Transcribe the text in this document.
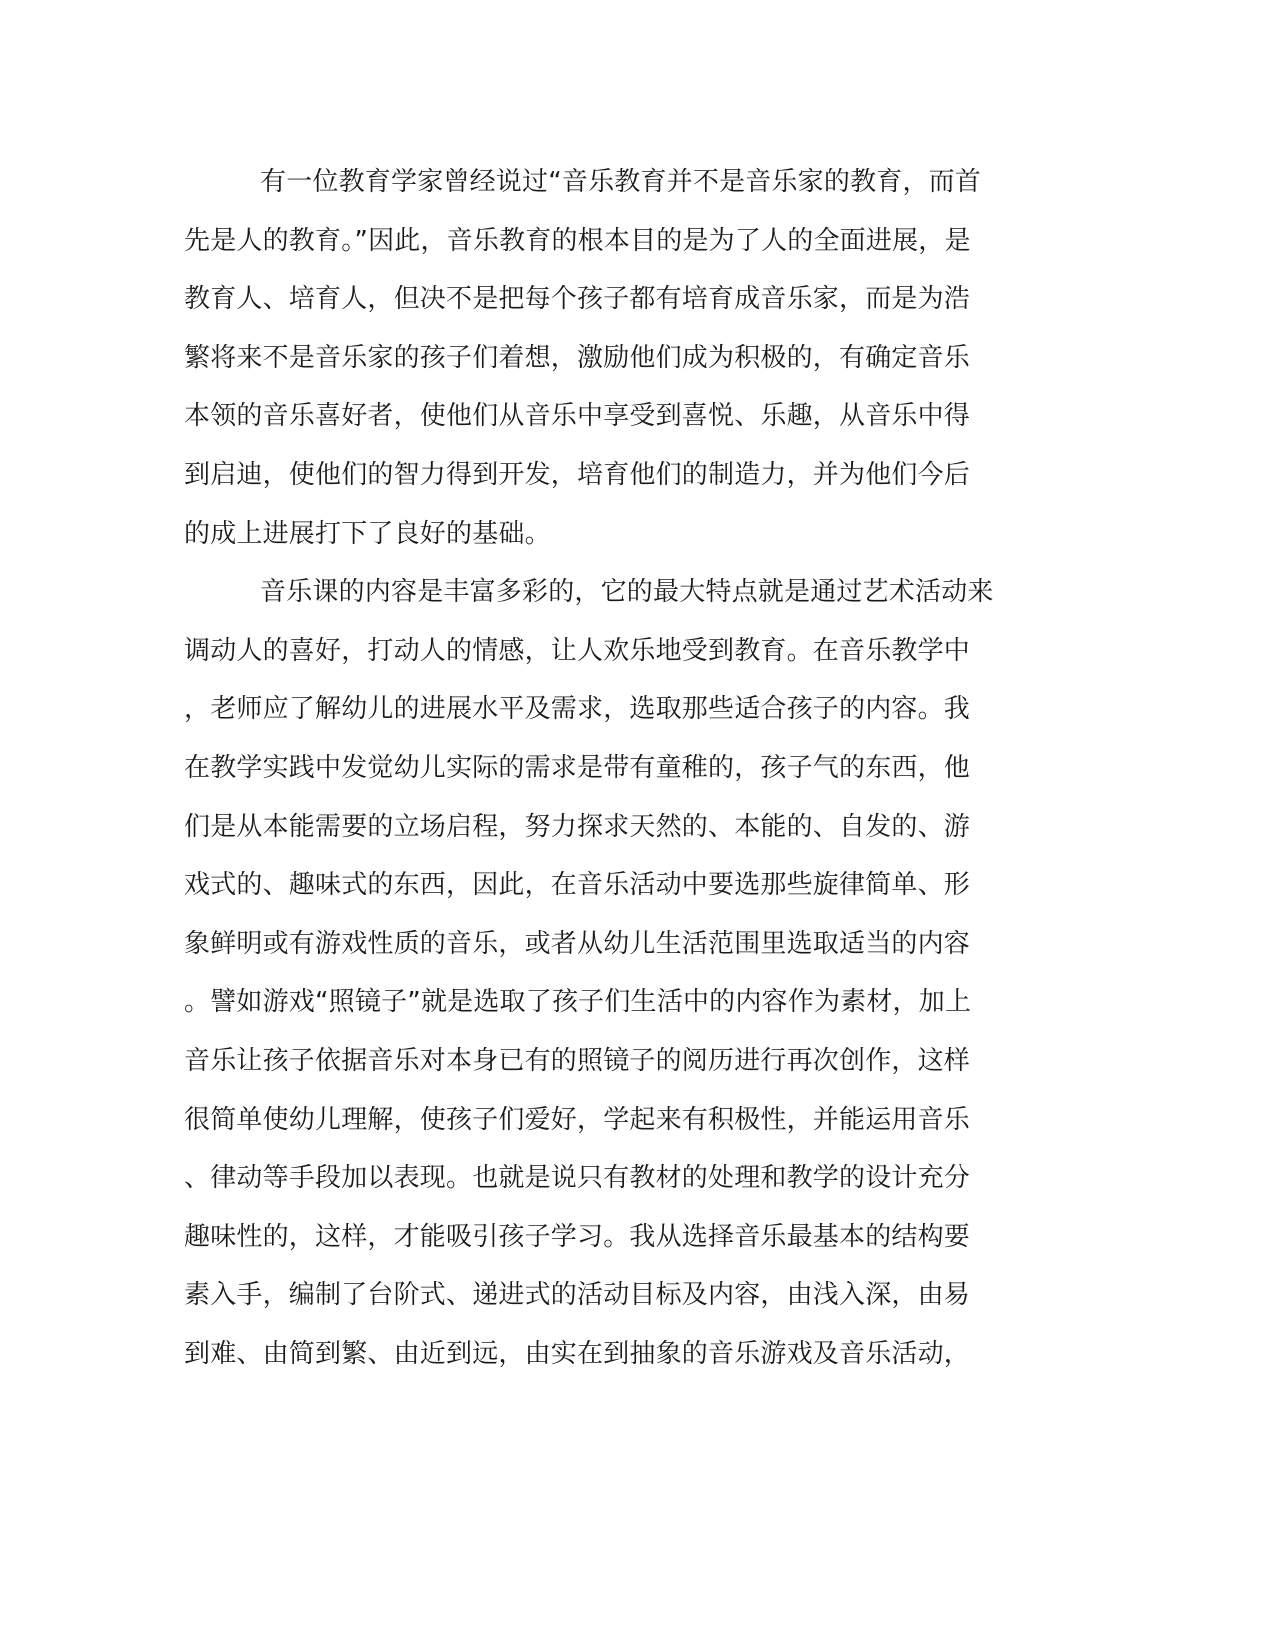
有一位教育学家曾经说过“音乐教育并不是音乐家的教育，而首
先是人的教育。”因此，音乐教育的根本目的是为了人的全面进展，是
教育人、培育人，但决不是把每个孩子都有培育成音乐家，而是为浩
繁将来不是音乐家的孩子们着想，激励他们成为积极的，有确定音乐
本领的音乐喜好者，使他们从音乐中享受到喜悦、乐趣，从音乐中得
到启迪，使他们的智力得到开发，培育他们的制造力，并为他们今后
的成上进展打下了良好的基础。
音乐课的内容是丰富多彩的，它的最大特点就是通过艺术活动来
调动人的喜好，打动人的情感，让人欢乐地受到教育。在音乐教学中
，老师应了解幼儿的进展水平及需求，选取那些适合孩子的内容。我
在教学实践中发觉幼儿实际的需求是带有童稚的，孩子气的东西，他
们是从本能需要的立场启程，努力探求天然的、本能的、自发的、游
戏式的、趣味式的东西，因此，在音乐活动中要选那些旋律简单、形
象鲜明或有游戏性质的音乐，或者从幼儿生活范围里选取适当的内容
。譬如游戏“照镜子”就是选取了孩子们生活中的内容作为素材，加上
音乐让孩子依据音乐对本身已有的照镜子的阅历进行再次创作，这样
很简单使幼儿理解，使孩子们爱好，学起来有积极性，并能运用音乐
、律动等手段加以表现。也就是说只有教材的处理和教学的设计充分
趣味性的，这样，才能吸引孩子学习。我从选择音乐最基本的结构要
素入手，编制了台阶式、递进式的活动目标及内容，由浅入深，由易
到难、由简到繁、由近到远，由实在到抽象的音乐游戏及音乐活动，
